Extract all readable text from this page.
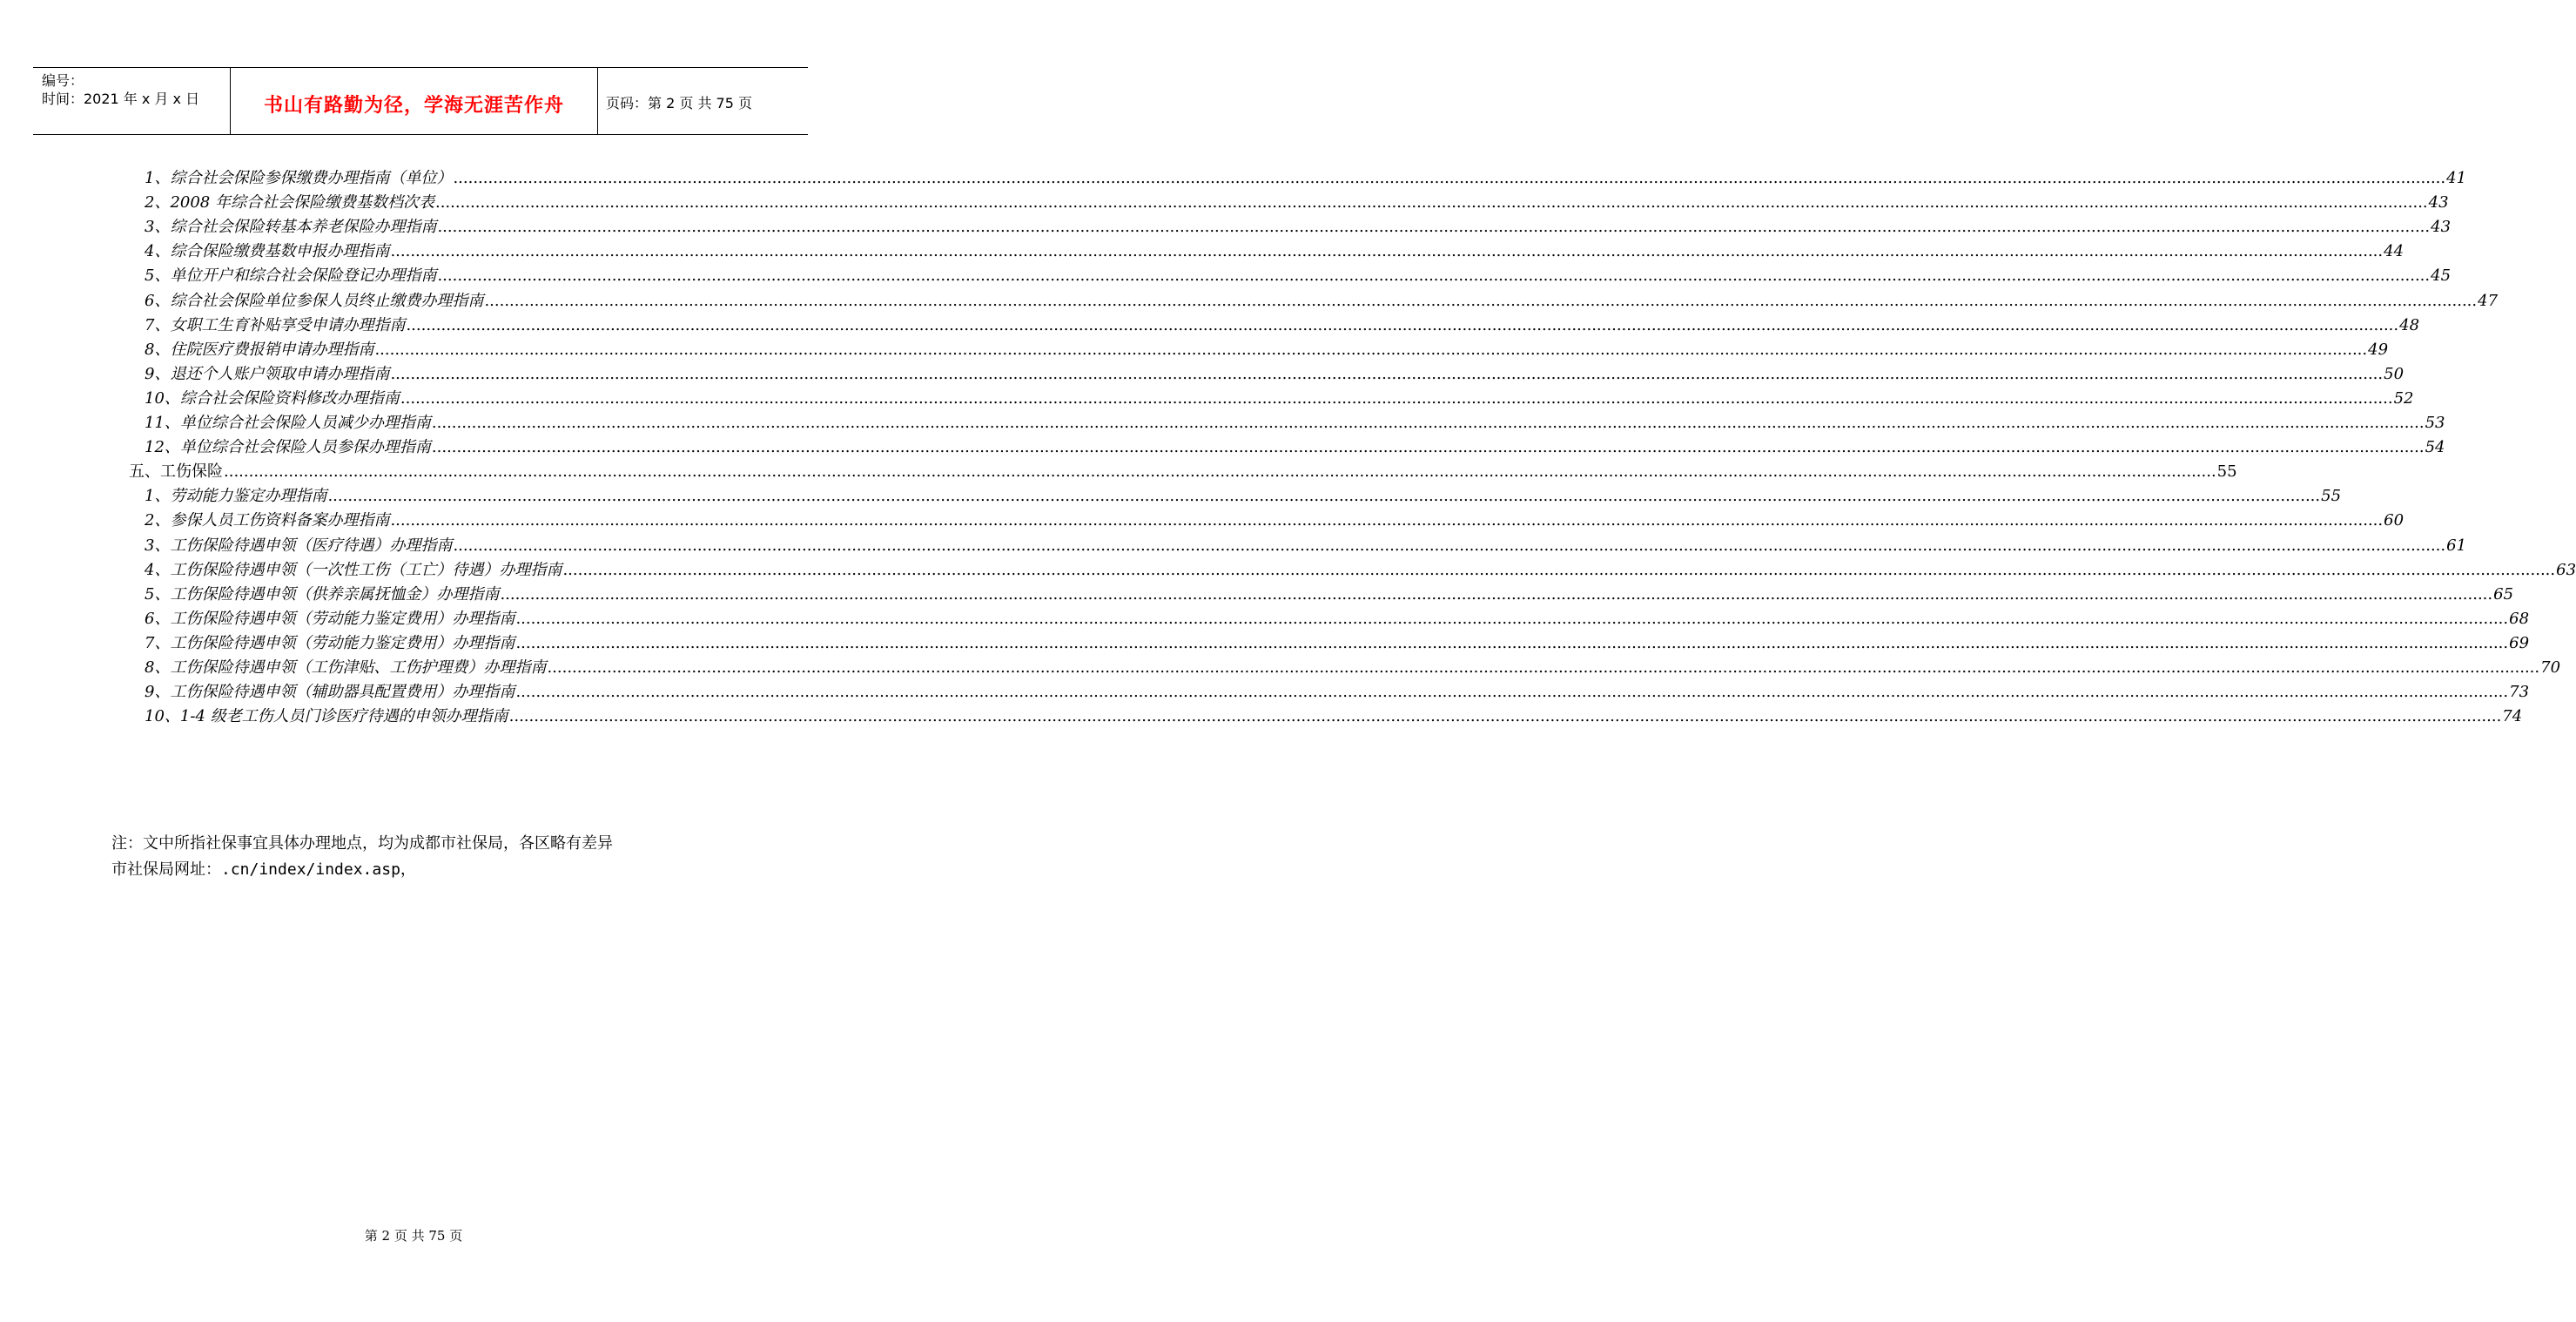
编号：
时间：2021 年 x 月 x 日	书山有路勤为径，学海无涯苦作舟	页码：第 2 页 共 75 页
1、综合社会保险参保缴费办理指南（单位） ................................................................................................................................................................................................................................................................................................................................................................................................................ 41
2、2008 年综合社会保险缴费基数档次表 ................................................................................................................................................................................................................................................................................................................................................................................................................ 43
3、综合社会保险转基本养老保险办理指南 ................................................................................................................................................................................................................................................................................................................................................................................................................ 43
4、综合保险缴费基数申报办理指南 ................................................................................................................................................................................................................................................................................................................................................................................................................ 44
5、单位开户和综合社会保险登记办理指南 ................................................................................................................................................................................................................................................................................................................................................................................................................ 45
6、综合社会保险单位参保人员终止缴费办理指南 ................................................................................................................................................................................................................................................................................................................................................................................................................ 47
7、女职工生育补贴享受申请办理指南 ................................................................................................................................................................................................................................................................................................................................................................................................................ 48
8、住院医疗费报销申请办理指南 ................................................................................................................................................................................................................................................................................................................................................................................................................ 49
9、退还个人账户领取申请办理指南 ................................................................................................................................................................................................................................................................................................................................................................................................................ 50
10、综合社会保险资料修改办理指南 ................................................................................................................................................................................................................................................................................................................................................................................................................ 52
11、单位综合社会保险人员减少办理指南 ................................................................................................................................................................................................................................................................................................................................................................................................................ 53
12、单位综合社会保险人员参保办理指南 ................................................................................................................................................................................................................................................................................................................................................................................................................ 54
五、工伤保险 ................................................................................................................................................................................................................................................................................................................................................................................................................ 55
1、劳动能力鉴定办理指南 ................................................................................................................................................................................................................................................................................................................................................................................................................ 55
2、参保人员工伤资料备案办理指南 ................................................................................................................................................................................................................................................................................................................................................................................................................ 60
3、工伤保险待遇申领（医疗待遇）办理指南 ................................................................................................................................................................................................................................................................................................................................................................................................................ 61
4、工伤保险待遇申领（一次性工伤（工亡）待遇）办理指南 ................................................................................................................................................................................................................................................................................................................................................................................................................ 63
5、工伤保险待遇申领（供养亲属抚恤金）办理指南 ................................................................................................................................................................................................................................................................................................................................................................................................................ 65
6、工伤保险待遇申领（劳动能力鉴定费用）办理指南 ................................................................................................................................................................................................................................................................................................................................................................................................................ 68
7、工伤保险待遇申领（劳动能力鉴定费用）办理指南 ................................................................................................................................................................................................................................................................................................................................................................................................................ 69
8、工伤保险待遇申领（工伤津贴、工伤护理费）办理指南 ................................................................................................................................................................................................................................................................................................................................................................................................................ 70
9、工伤保险待遇申领（辅助器具配置费用）办理指南 ................................................................................................................................................................................................................................................................................................................................................................................................................ 73
10、1-4 级老工伤人员门诊医疗待遇的申领办理指南 ................................................................................................................................................................................................................................................................................................................................................................................................................ 74
注：文中所指社保事宜具体办理地点，均为成都市社保局，各区略有差异
市社保局网址：.cn/index/index.asp，
第 2 页 共 75 页
